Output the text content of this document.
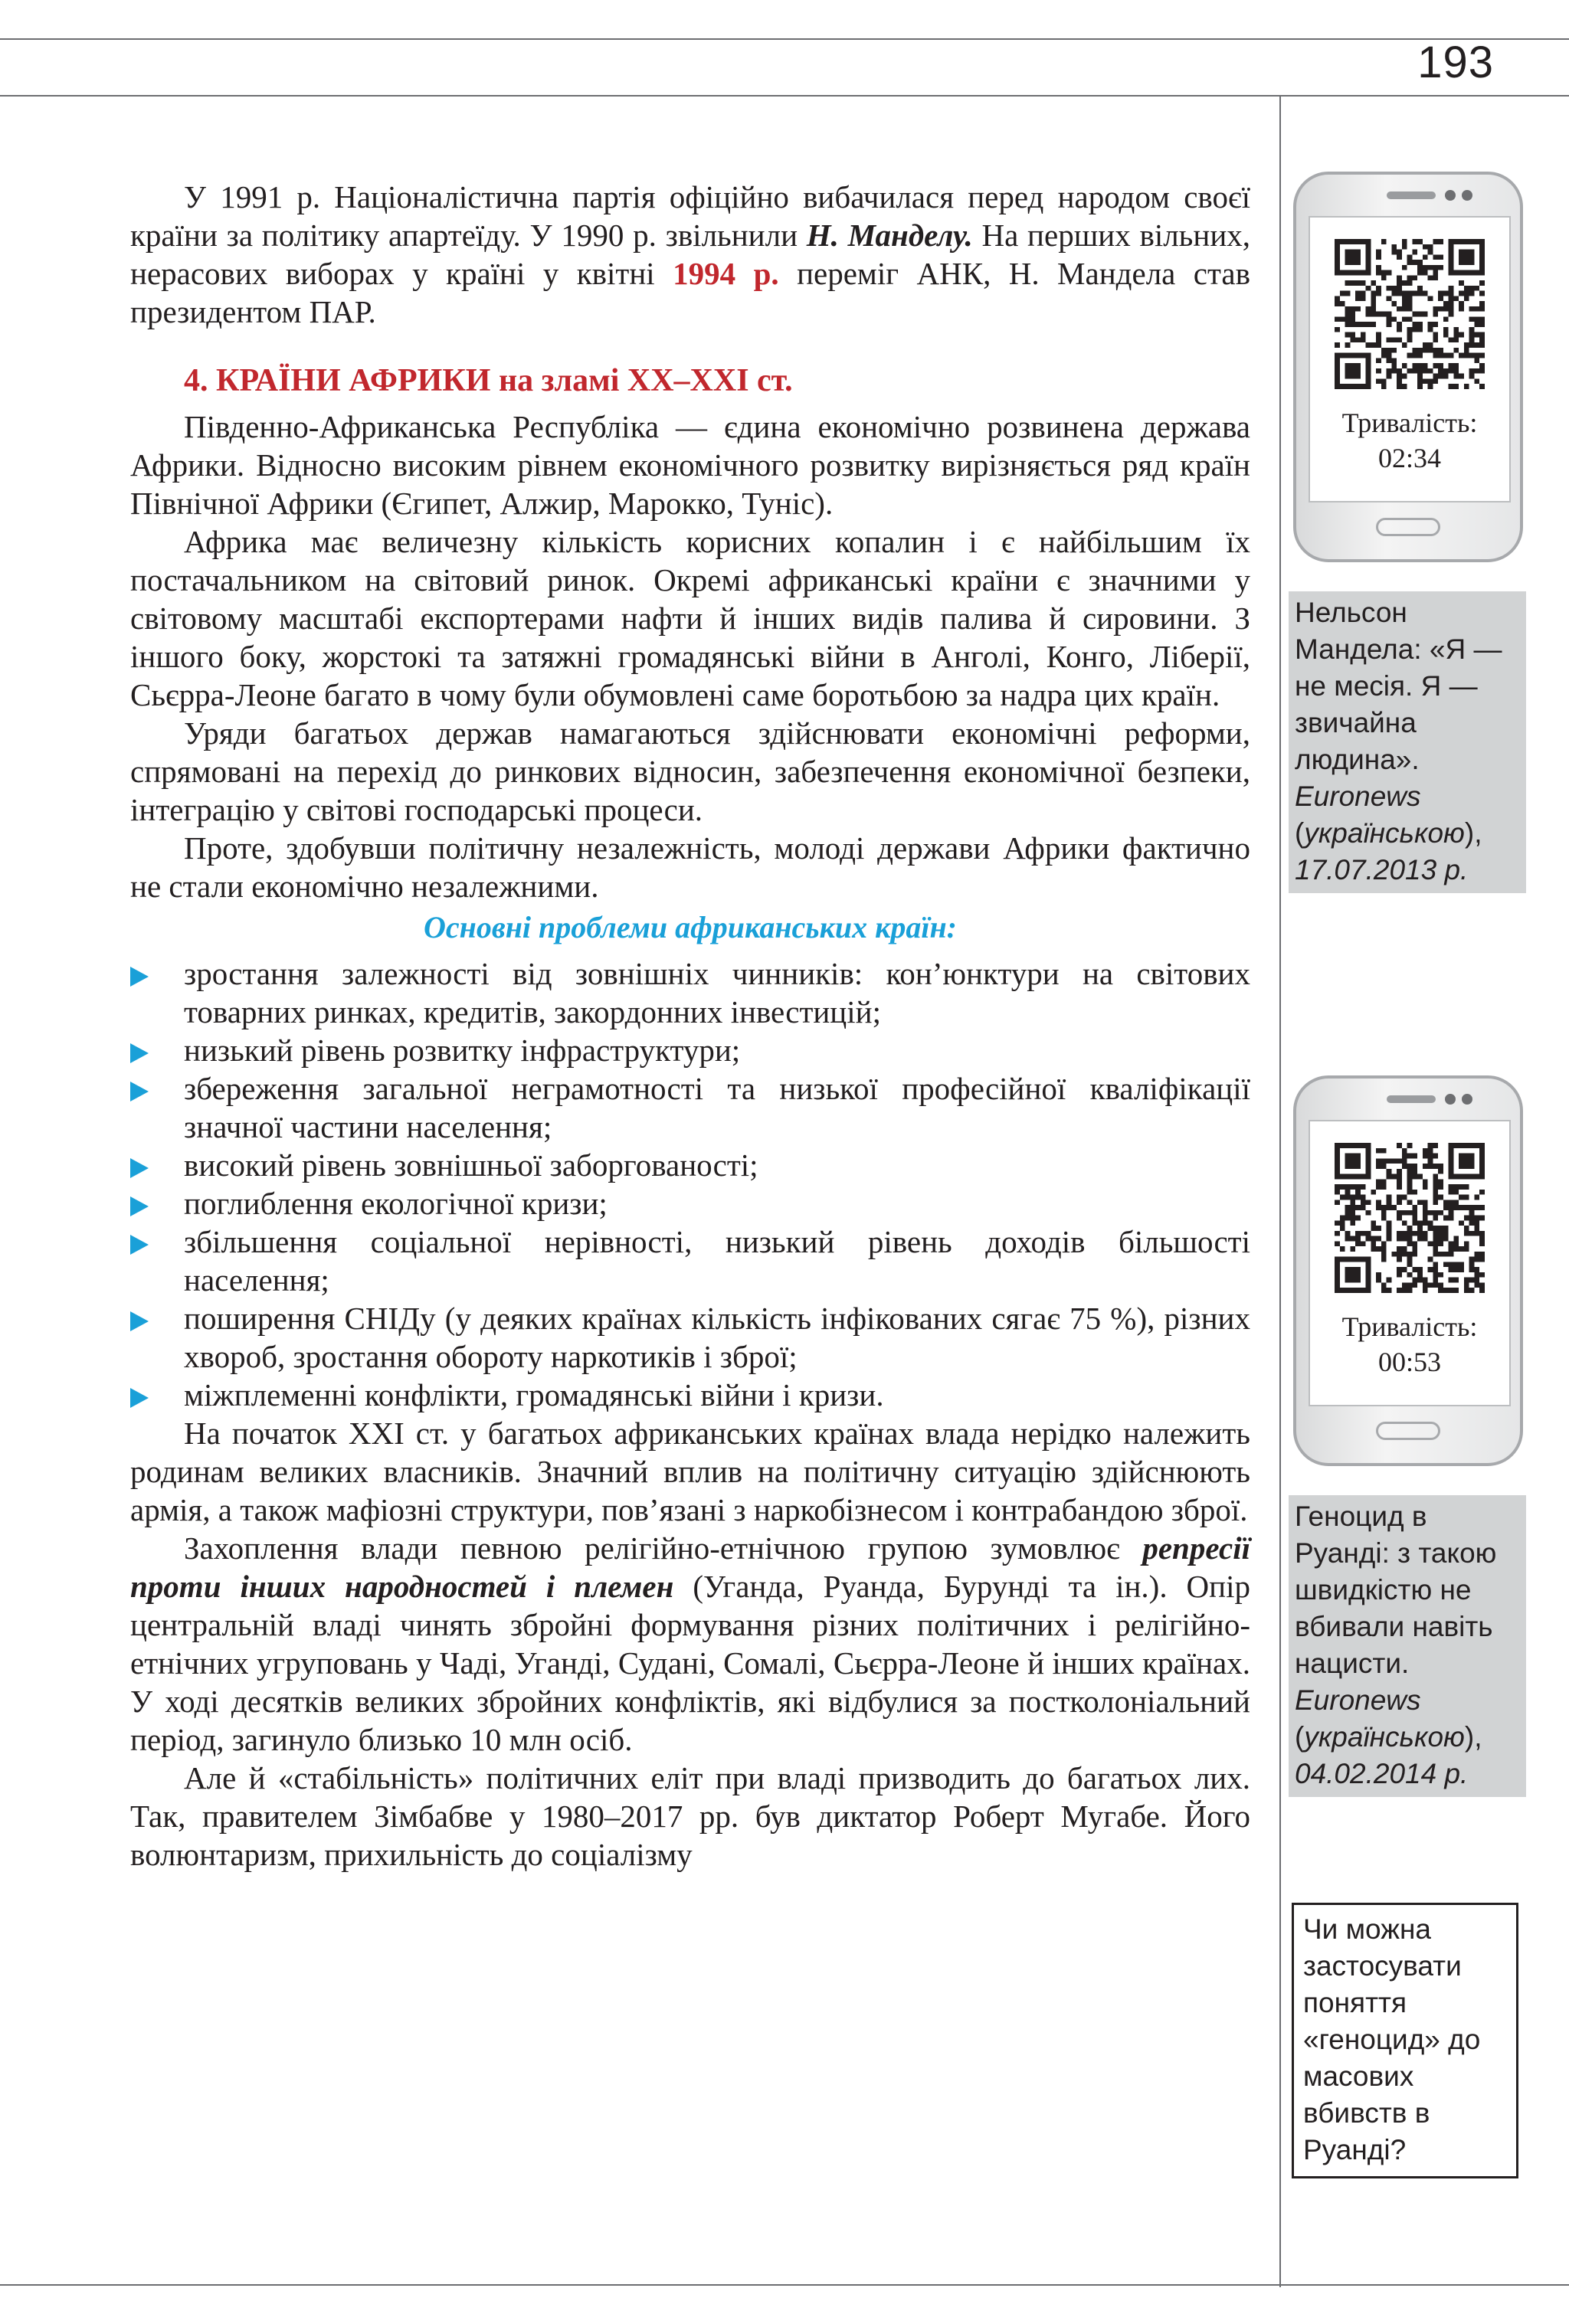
193

У 1991 р. Націоналістична партія офіційно вибачилася перед народом своєї країни за політику апартеїду. У 1990 р. звільнили Н. Манделу. На перших вільних, нерасових виборах у країні у квітні 1994 р. переміг АНК, Н. Мандела став президентом ПАР.

4. КРАЇНИ АФРИКИ на зламі ХХ–ХХІ ст.

Південно-Африканська Республіка — єдина економічно розвинена держава Африки. Відносно високим рівнем економічного розвитку вирізняється ряд країн Північної Африки (Єгипет, Алжир, Марокко, Туніс).

Африка має величезну кількість корисних копалин і є найбільшим їх постачальником на світовий ринок. Окремі африканські країни є значними у світовому масштабі експортерами нафти й інших видів палива й сировини. З іншого боку, жорстокі та затяжні громадянські війни в Анголі, Конго, Ліберії, Сьєрра-Леоне багато в чому були обумовлені саме боротьбою за надра цих країн.

Уряди багатьох держав намагаються здійснювати економічні реформи, спрямовані на перехід до ринкових відносин, забезпечення економічної безпеки, інтеграцію у світові господарські процеси.

Проте, здобувши політичну незалежність, молоді держави Африки фактично не стали економічно незалежними.

Основні проблеми африканських країн:

зростання залежності від зовнішніх чинників: кон’юнктури на світових товарних ринках, кредитів, закордонних інвестицій;
низький рівень розвитку інфраструктури;
збереження загальної неграмотності та низької професійної кваліфікації значної частини населення;
високий рівень зовнішньої заборгованості;
поглиблення екологічної кризи;
збільшення соціальної нерівності, низький рівень доходів більшості населення;
поширення СНІДу (у деяких країнах кількість інфікованих сягає 75 %), різних хвороб, зростання обороту наркотиків і зброї;
міжплеменні конфлікти, громадянські війни і кризи.

На початок ХХІ ст. у багатьох африканських країнах влада нерідко належить родинам великих власників. Значний вплив на політичну ситуацію здійснюють армія, а також мафіозні структури, пов’язані з наркобізнесом і контрабандою зброї.

Захоплення влади певною релігійно-етнічною групою зумовлює репресії проти інших народностей і племен (Уганда, Руанда, Бурунді та ін.). Опір центральній владі чинять збройні формування різних політичних і релігійно-етнічних угруповань у Чаді, Уганді, Судані, Сомалі, Сьєрра-Леоне й інших країнах. У ході десятків великих збройних конфліктів, які відбулися за постколоніальний період, загинуло близько 10 млн осіб.

Але й «стабільність» політичних еліт при владі призводить до багатьох лих. Так, правителем Зімбабве у 1980–2017 рр. був диктатор Роберт Мугабе. Його волюнтаризм, прихильність до соціалізму

Тривалість:
02:34
Нельсон Мандела: «Я — не месія. Я — звичайна людина».
Euronews
(українською),
17.07.2013 р.
Тривалість:
00:53
Геноцид в Руанді: з такою швидкістю не вбивали навіть нацисти.
Euronews
(українською),
04.02.2014 р.
Чи можна застосувати поняття «геноцид» до масових вбивств в Руанді?
